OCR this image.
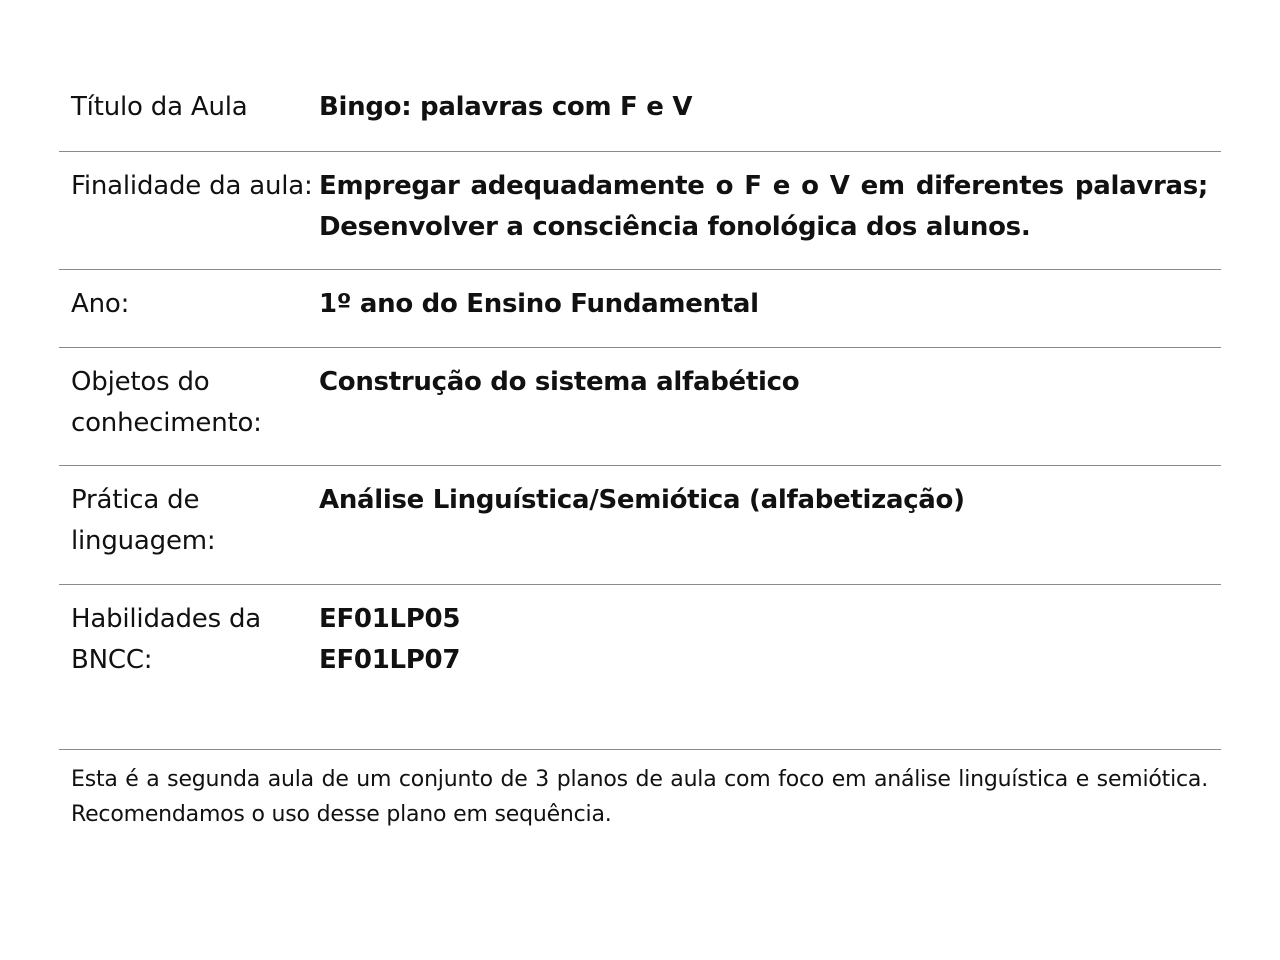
Título da Aula	Bingo: palavras com F e V
Finalidade da aula: Empregar adequadamente o F e o V em diferentes palavras; Desenvolver a consciência fonológica dos alunos.
Ano:	1º ano do Ensino Fundamental
Objetos do conhecimento:
Construção do sistema alfabético
Prática de linguagem:
Análise Linguística/Semiótica (alfabetização)
Habilidades da BNCC:
EF01LP05
EF01LP07
Esta é a segunda aula de um conjunto de 3 planos de aula com foco em análise linguística e semiótica. Recomendamos o uso desse plano em sequência.
